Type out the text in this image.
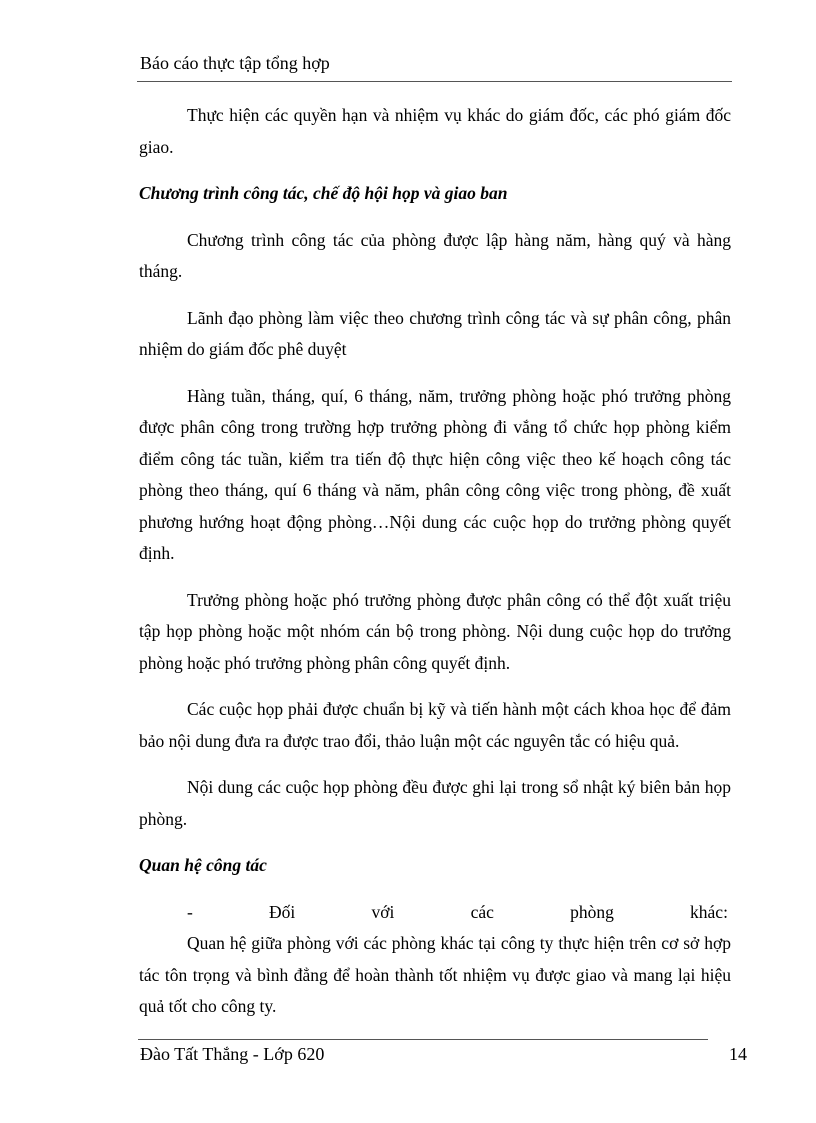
Báo cáo thực tập tổng hợp

Thực hiện các quyền hạn và nhiệm vụ khác do giám đốc, các phó giám đốc giao.

Chương trình công tác, chế độ hội họp và giao ban

Chương trình công tác của phòng được lập hàng năm, hàng quý và hàng tháng.

Lãnh đạo phòng làm việc theo chương trình công tác và sự phân công, phân nhiệm do giám đốc phê duyệt

Hàng tuần, tháng, quí, 6 tháng, năm, trưởng phòng hoặc phó trưởng phòng được phân công trong trường hợp trưởng phòng đi vắng tổ chức họp phòng kiểm điểm công tác tuần, kiểm tra tiến độ thực hiện công việc theo kế hoạch công tác phòng theo tháng, quí 6 tháng và năm, phân công công việc trong phòng, đề xuất phương hướng hoạt động phòng…Nội dung các cuộc họp do trưởng phòng quyết định.

Trưởng phòng hoặc phó trưởng phòng được phân công có thể đột xuất triệu tập họp phòng hoặc một nhóm cán bộ trong phòng. Nội dung cuộc họp do trưởng phòng hoặc phó trưởng phòng phân công quyết định.

Các cuộc họp phải được chuẩn bị kỹ và tiến hành một cách khoa học để đảm bảo nội dung đưa ra được trao đổi, thảo luận một các nguyên tắc có hiệu quả.

Nội dung các cuộc họp phòng đều được ghi lại trong sổ nhật ký biên bản họp phòng.

Quan hệ công tác

-	Đối	với	các	phòng	khác:

Quan hệ giữa phòng với các phòng khác tại công ty thực hiện trên cơ sở hợp tác tôn trọng và bình đẳng để hoàn thành tốt nhiệm vụ được giao và mang lại hiệu quả tốt cho công ty.

Đào Tất Thắng - Lớp 620	14
